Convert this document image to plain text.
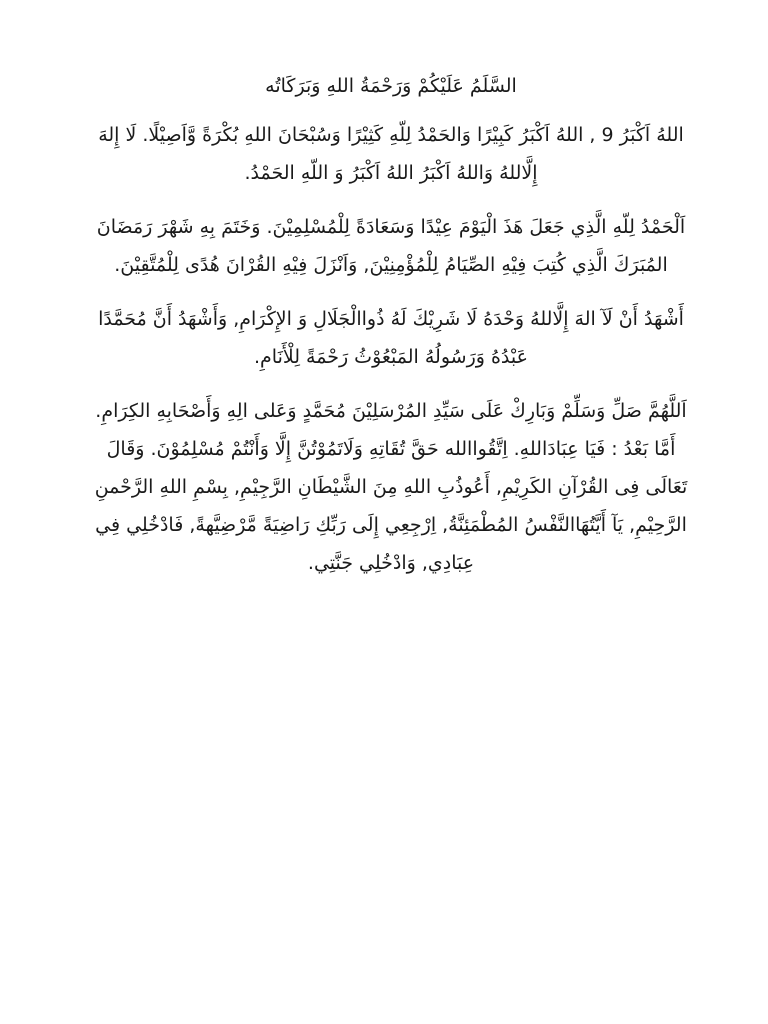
السَّلَمُ عَلَيْكُمْ وَرَحْمَةُ اللهِ وَبَرَكَاتُه
اللهُ اَكْبَرُ 9 , اللهُ اَكْبَرُ كَبِيْرًا وَالحَمْدُ لِلّهِ كَثِيْرًا وَسُبْحَانَ اللهِ بُكْرَةً وَّاَصِيْلًا. لَا إِلهَ إِلَّاللهُ وَاللهُ اَكْبَرُ اللهُ اَكْبَرُ وَ اللّهِ الحَمْدُ.
اَلْحَمْدُ لِلّهِ الَّذِي جَعَلَ هَذَ الْيَوْمَ عِيْدًا وَسَعَادَةً لِلْمُسْلِمِيْنَ. وَخَتَمَ بِهِ شَهْرَ رَمَضَانَ المُبَرَكَ الَّذِي كُتِبَ فِيْهِ الصِّيَامُ لِلْمُؤْمِنِيْنَ, وَاَنْزَلَ فِيْهِ القُرْانَ هُدًى لِلْمُتَّقِيْنَ.
أَشْهَدُ أَنْ لَآ الهَ إِلَّاللهُ وَحْدَهُ لَا شَرِيْكَ لَهُ ذُواالْجَلَالِ وَ الإِكْرَامِ, وَأَشْهَدُ أَنَّ مُحَمَّدًا عَبْدُهُ وَرَسُولُهُ المَبْعُوْثُ رَحْمَةً لِلْأَنَامِ.
اَللَّهُمَّ صَلِّ وَسَلِّمْ وَبَارِكْ عَلَى سَيِّدِ المُرْسَلِيْنَ مُحَمَّدٍ وَعَلى الِهِ وَأَصْحَابِهِ الكِرَامِ. أَمَّا بَعْدُ : فَيَا عِبَادَاللهِ. اِتَّقُواالله حَقَّ تُقَاتِهِ وَلَاتَمُوْتُنَّ إِلَّا وَأَنْتُمْ مُسْلِمُوْنَ. وَقَالَ تَعَالَى فِى القُرْآنِ الكَرِيْمِ, أَعُوذُبِ اللهِ مِنَ الشَّيْطَانِ الرَّجِيْمِ, بِسْمِ اللهِ الرَّحْمنِ الرَّحِيْمِ, يَآ أَيَّتُهَاالنَّفْسُ المُطْمَئِنَّةُ, اِرْجِعِي إِلَى رَبِّكِ رَاضِيَةً مَّرْضِيَّهةً, فَادْخُلِي فِي عِبَادِي, وَادْخُلِي جَنَّتِي.
